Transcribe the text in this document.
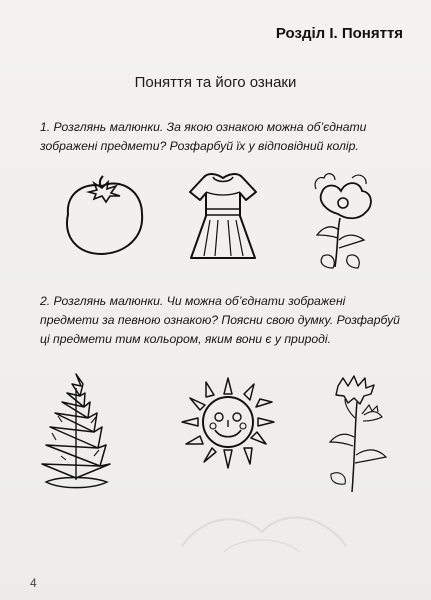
Розділ I. Поняття
Поняття та його ознаки
1. Розглянь малюнки. За якою ознакою можна об’єднати зображені предмети? Розфарбуй їх у відповідний колір.
2. Розглянь малюнки. Чи можна об’єднати зображені предмети за певною ознакою? Поясни свою думку. Розфарбуй ці предмети тим кольором, яким вони є у природі.
4
